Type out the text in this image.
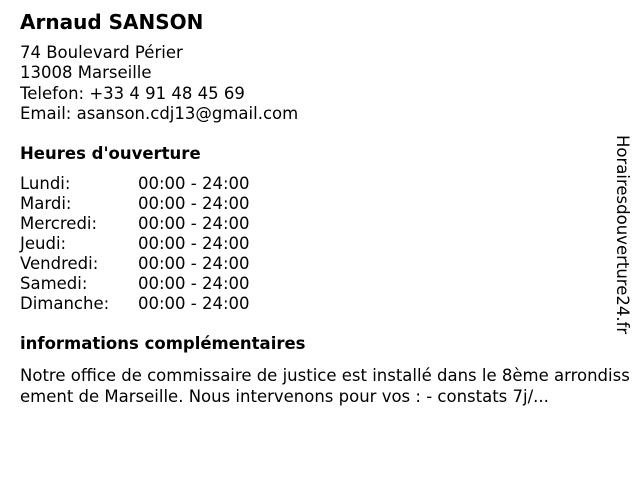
Arnaud SANSON
74 Boulevard Périer
13008 Marseille
Telefon: +33 4 91 48 45 69
Email: asanson.cdj13@gmail.com
Heures d'ouverture
Lundi:	00:00 - 24:00
Mardi:	00:00 - 24:00
Mercredi:	00:00 - 24:00
Jeudi:	00:00 - 24:00
Vendredi:	00:00 - 24:00
Samedi:	00:00 - 24:00
Dimanche:	00:00 - 24:00
informations complémentaires
Notre office de commissaire de justice est installé dans le 8ème arrondissement de Marseille. Nous intervenons pour vos : - constats 7j/...
Horairesdouverture24.fr
